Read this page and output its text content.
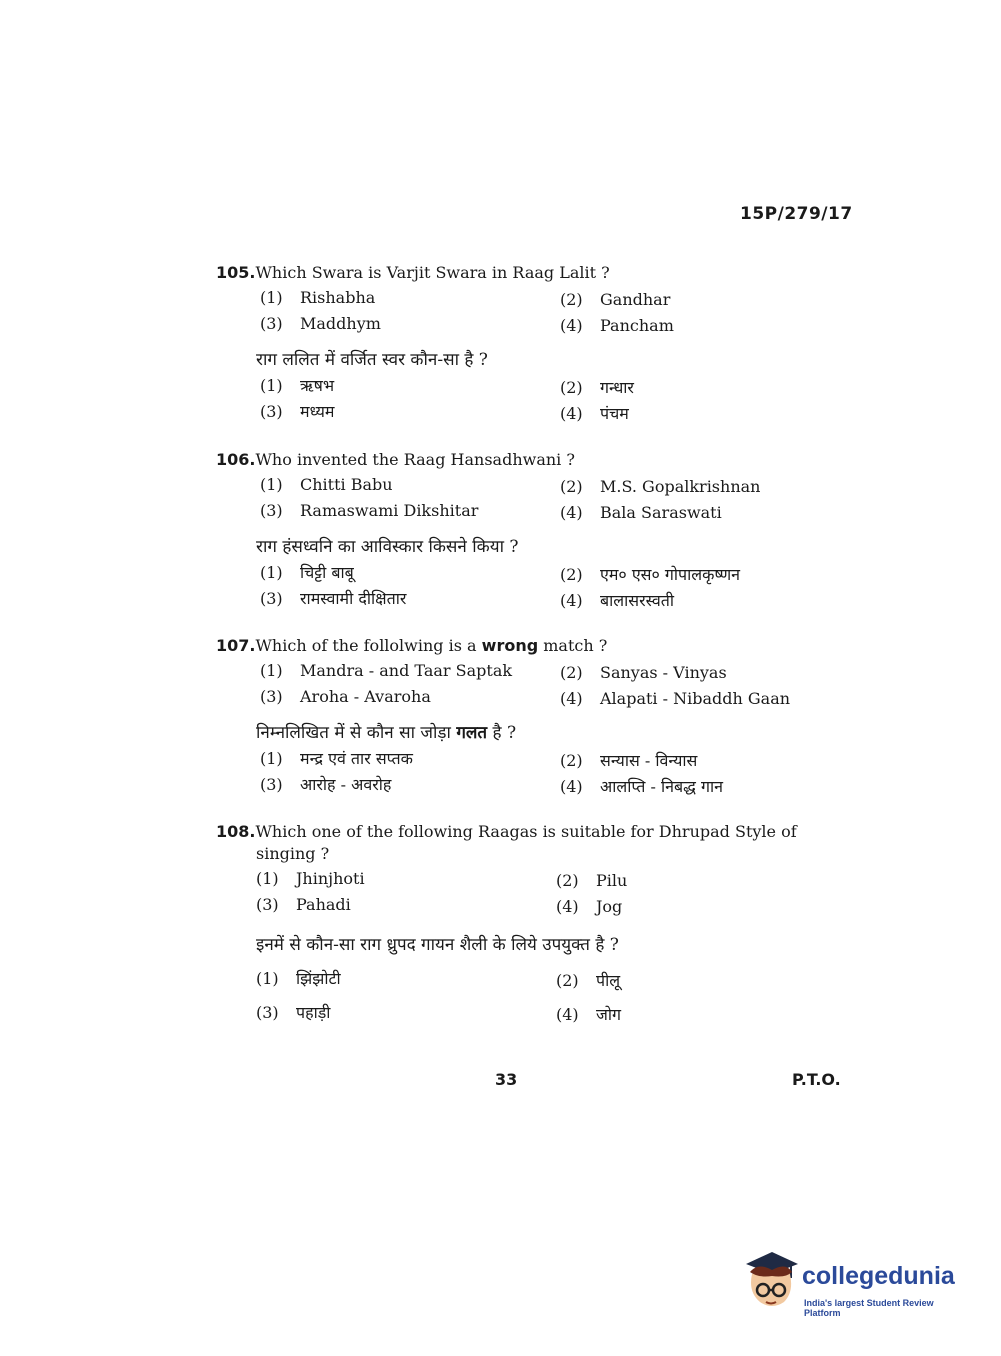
15P/279/17
105.Which Swara is Varjit Swara in Raag Lalit ?
(1) Rishabha	(2) Gandhar
(3) Maddhym	(4) Pancham
राग ललित में वर्जित स्वर कौन-सा है ?
(1) ऋषभ	(2) गन्धार
(3) मध्यम	(4) पंचम
106.Who invented the Raag Hansadhwani ?
(1) Chitti Babu	(2) M.S. Gopalkrishnan
(3) Ramaswami Dikshitar	(4) Bala Saraswati
राग हंसध्वनि का आविस्कार किसने किया ?
(1) चिट्टी बाबू	(2) एम० एस० गोपालकृष्णन
(3) रामस्वामी दीक्षितार	(4) बालासरस्वती
107.Which of the follolwing is a wrong match ?
(1) Mandra - and Taar Saptak	(2) Sanyas - Vinyas
(3) Aroha - Avaroha	(4) Alapati - Nibaddh Gaan
निम्नलिखित में से कौन सा जोड़ा गलत है ?
(1) मन्द्र एवं तार सप्तक	(2) सन्यास - विन्यास
(3) आरोह - अवरोह	(4) आलप्ति - निबद्ध गान
108.Which one of the following Raagas is suitable for Dhrupad Style of singing ?
(1) Jhinjhoti	(2) Pilu
(3) Pahadi	(4) Jog
इनमें से कौन-सा राग ध्रुपद गायन शैली के लिये उपयुक्त है ?
(1) झिंझोटी	(2) पीलू
(3) पहाड़ी	(4) जोग
33	P.T.O.
collegedunia
India's largest Student Review Platform
